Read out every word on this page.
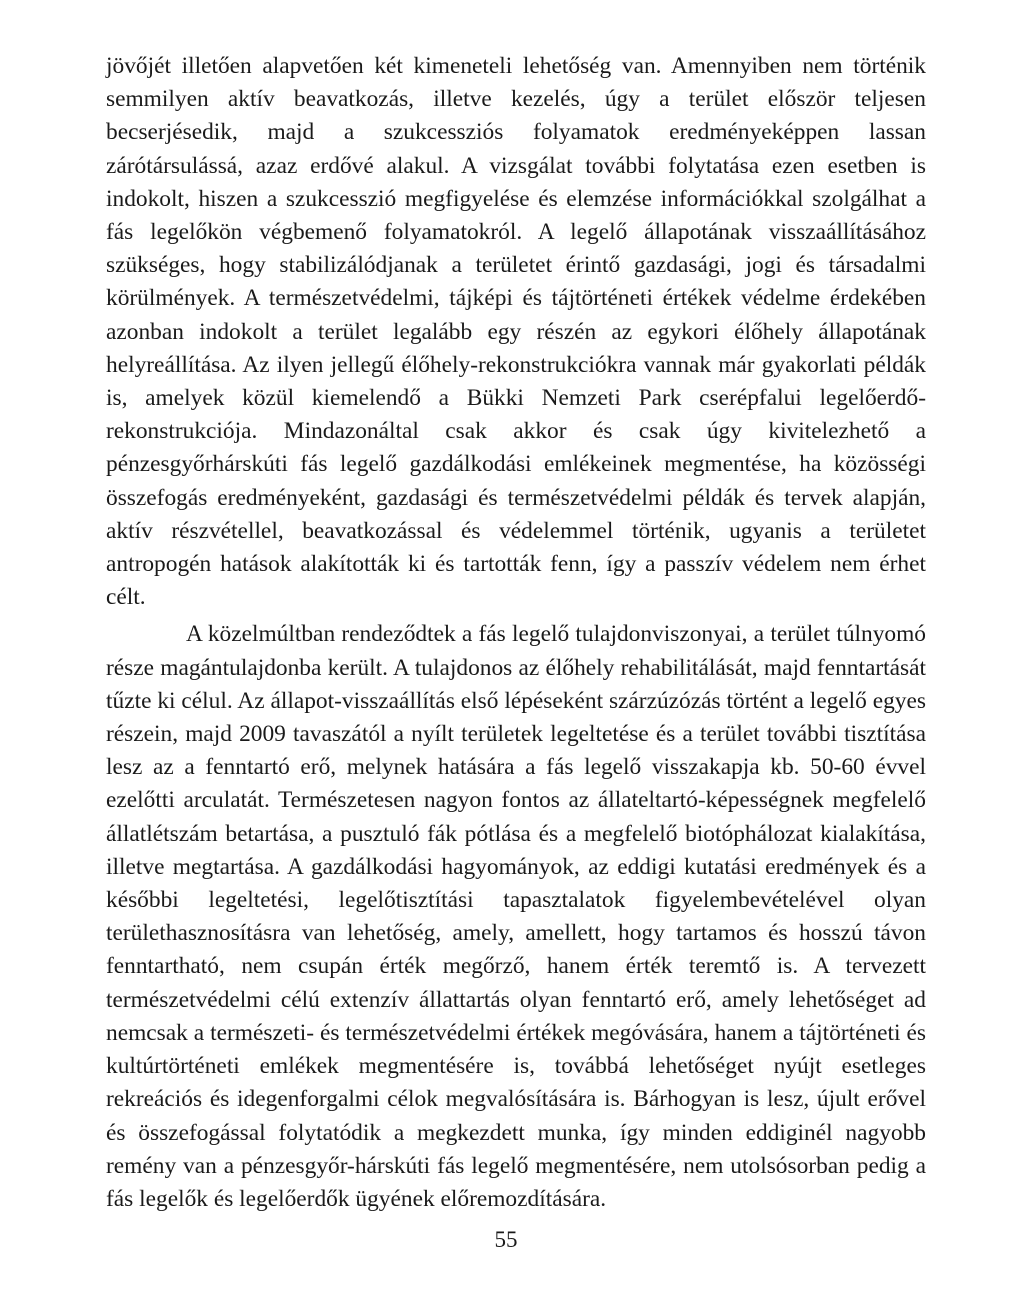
jövőjét illetően alapvetően két kimeneteli lehetőség van. Amennyiben nem történik semmilyen aktív beavatkozás, illetve kezelés, úgy a terület először teljesen becserjésedik, majd a szukcessziós folyamatok eredményeképpen lassan zárótársulássá, azaz erdővé alakul. A vizsgálat további folytatása ezen esetben is indokolt, hiszen a szukcesszió megfigyelése és elemzése információkkal szolgálhat a fás legelőkön végbemenő folyamatokról. A legelő állapotának visszaállításához szükséges, hogy stabilizálódjanak a területet érintő gazdasági, jogi és társadalmi körülmények. A természetvédelmi, tájképi és tájtörténeti értékek védelme érdekében azonban indokolt a terület legalább egy részén az egykori élőhely állapotának helyreállítása. Az ilyen jellegű élőhely-rekonstrukciókra vannak már gyakorlati példák is, amelyek közül kiemelendő a Bükki Nemzeti Park cserépfalui legelőerdő-rekonstrukciója. Mindazonáltal csak akkor és csak úgy kivitelezhető a pénzesgyőrhárskúti fás legelő gazdálkodási emlékeinek megmentése, ha közösségi összefogás eredményeként, gazdasági és természetvédelmi példák és tervek alapján, aktív részvétellel, beavatkozással és védelemmel történik, ugyanis a területet antropogén hatások alakították ki és tartották fenn, így a passzív védelem nem érhet célt.

A közelmúltban rendeződtek a fás legelő tulajdonviszonyai, a terület túlnyomó része magántulajdonba került. A tulajdonos az élőhely rehabilitálását, majd fenntartását tűzte ki célul. Az állapot-visszaállítás első lépéseként szárzúzózás történt a legelő egyes részein, majd 2009 tavaszától a nyílt területek legeltetése és a terület további tisztítása lesz az a fenntartó erő, melynek hatására a fás legelő visszakapja kb. 50-60 évvel ezelőtti arculatát. Természetesen nagyon fontos az állateltartó-képességnek megfelelő állatlétszám betartása, a pusztuló fák pótlása és a megfelelő biotóphálozat kialakítása, illetve megtartása. A gazdálkodási hagyományok, az eddigi kutatási eredmények és a későbbi legeltetési, legelőtisztítási tapasztalatok figyelembevételével olyan területhasznosításra van lehetőség, amely, amellett, hogy tartamos és hosszú távon fenntartható, nem csupán érték megőrző, hanem érték teremtő is. A tervezett természetvédelmi célú extenzív állattartás olyan fenntartó erő, amely lehetőséget ad nemcsak a természeti- és természetvédelmi értékek megóvására, hanem a tájtörténeti és kultúrtörténeti emlékek megmentésére is, továbbá lehetőséget nyújt esetleges rekreációs és idegenforgalmi célok megvalósítására is. Bárhogyan is lesz, újult erővel és összefogással folytatódik a megkezdett munka, így minden eddiginél nagyobb remény van a pénzesgyőr-hárskúti fás legelő megmentésére, nem utolsósorban pedig a fás legelők és legelőerdők ügyének előremozdítására.

55
